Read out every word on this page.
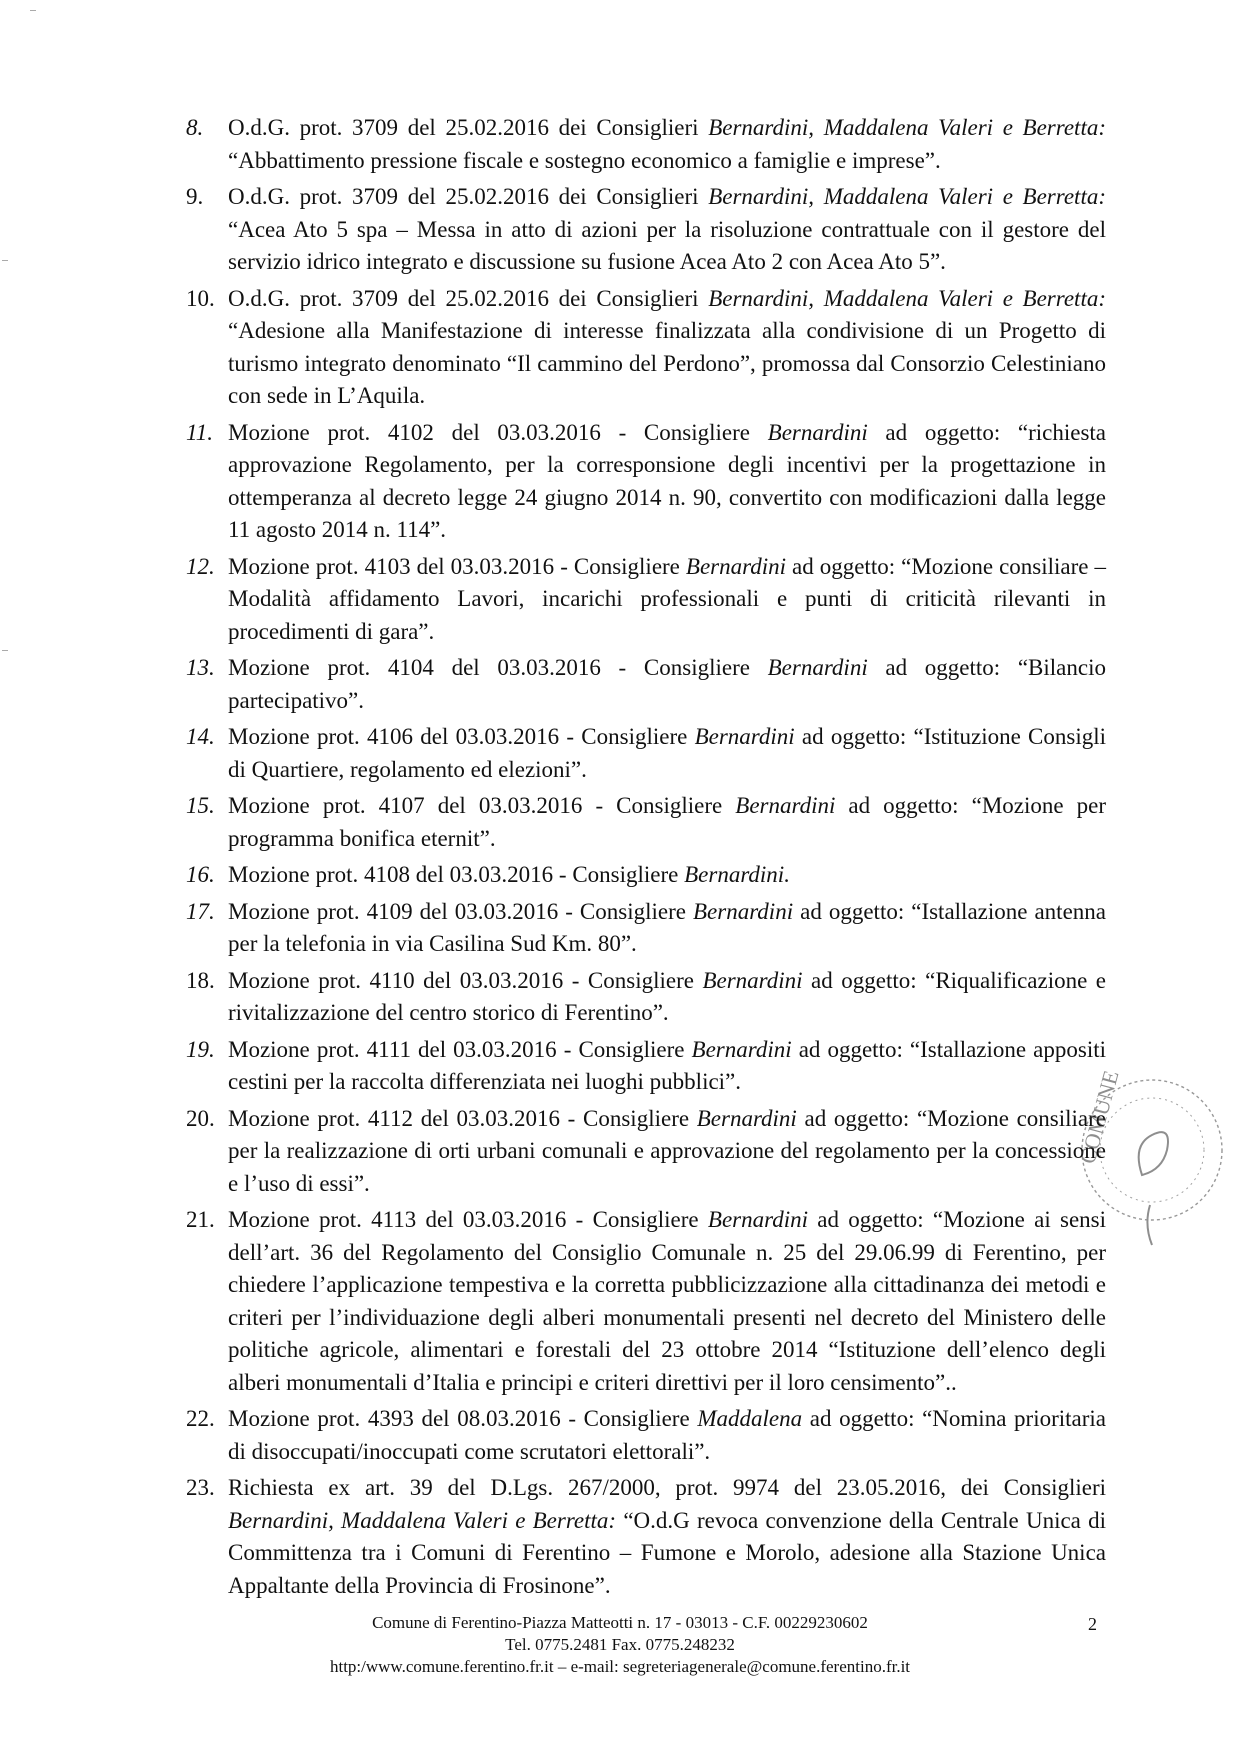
8.	O.d.G. prot. 3709 del 25.02.2016 dei Consiglieri Bernardini, Maddalena Valeri e Berretta: “Abbattimento pressione fiscale e sostegno economico a famiglie e imprese”.
9.	O.d.G. prot. 3709 del 25.02.2016 dei Consiglieri Bernardini, Maddalena Valeri e Berretta: “Acea Ato 5 spa – Messa in atto di azioni per la risoluzione contrattuale con il gestore del servizio idrico integrato e discussione su fusione Acea Ato 2 con Acea Ato 5”.
10. O.d.G. prot. 3709 del 25.02.2016 dei Consiglieri Bernardini, Maddalena Valeri e Berretta: “Adesione alla Manifestazione di interesse finalizzata alla condivisione di un Progetto di turismo integrato denominato “Il cammino del Perdono”, promossa dal Consorzio Celestiniano con sede in L’Aquila.
11. Mozione prot. 4102 del 03.03.2016 - Consigliere Bernardini ad oggetto: “richiesta approvazione Regolamento, per la corresponsione degli incentivi per la progettazione in ottemperanza al decreto legge 24 giugno 2014 n. 90, convertito con modificazioni dalla legge 11 agosto 2014 n. 114”.
12. Mozione prot. 4103 del 03.03.2016 - Consigliere Bernardini ad oggetto: “Mozione consiliare – Modalità affidamento Lavori, incarichi professionali e punti di criticità rilevanti in procedimenti di gara”.
13. Mozione prot. 4104 del 03.03.2016 - Consigliere Bernardini ad oggetto: “Bilancio partecipativo”.
14. Mozione prot. 4106 del 03.03.2016 - Consigliere Bernardini ad oggetto: “Istituzione Consigli di Quartiere, regolamento ed elezioni”.
15. Mozione prot. 4107 del 03.03.2016 - Consigliere Bernardini ad oggetto: “Mozione per programma bonifica eternit”.
16. Mozione prot. 4108 del 03.03.2016 - Consigliere Bernardini.
17. Mozione prot. 4109 del 03.03.2016 - Consigliere Bernardini ad oggetto: “Istallazione antenna per la telefonia in via Casilina Sud Km. 80”.
18. Mozione prot. 4110 del 03.03.2016 - Consigliere Bernardini ad oggetto: “Riqualificazione e rivitalizzazione del centro storico di Ferentino”.
19. Mozione prot. 4111 del 03.03.2016 - Consigliere Bernardini ad oggetto: “Istallazione appositi cestini per la raccolta differenziata nei luoghi pubblici”.
20. Mozione prot. 4112 del 03.03.2016 - Consigliere Bernardini ad oggetto: “Mozione consiliare per la realizzazione di orti urbani comunali e approvazione del regolamento per la concessione e l’uso di essi”.
21. Mozione prot. 4113 del 03.03.2016 - Consigliere Bernardini ad oggetto: “Mozione ai sensi dell’art. 36 del Regolamento del Consiglio Comunale n. 25 del 29.06.99 di Ferentino, per chiedere l’applicazione tempestiva e la corretta pubblicizzazione alla cittadinanza dei metodi e criteri per l’individuazione degli alberi monumentali presenti nel decreto del Ministero delle politiche agricole, alimentari e forestali del 23 ottobre 2014 “Istituzione dell’elenco degli alberi monumentali d’Italia e principi e criteri direttivi per il loro censimento”..
22. Mozione prot. 4393 del 08.03.2016 - Consigliere Maddalena ad oggetto: “Nomina prioritaria di disoccupati/inoccupati come scrutatori elettorali”.
23. Richiesta ex art. 39 del D.Lgs. 267/2000, prot. 9974 del 23.05.2016, dei Consiglieri Bernardini, Maddalena Valeri e Berretta: “O.d.G revoca convenzione della Centrale Unica di Committenza tra i Comuni di Ferentino – Fumone e Morolo, adesione alla Stazione Unica Appaltante della Provincia di Frosinone”.
COMUNE
Comune di Ferentino-Piazza Matteotti n. 17 - 03013 - C.F. 00229230602
Tel. 0775.2481 Fax. 0775.248232
http:/www.comune.ferentino.fr.it – e-mail: segreteriagenerale@comune.ferentino.fr.it
2
